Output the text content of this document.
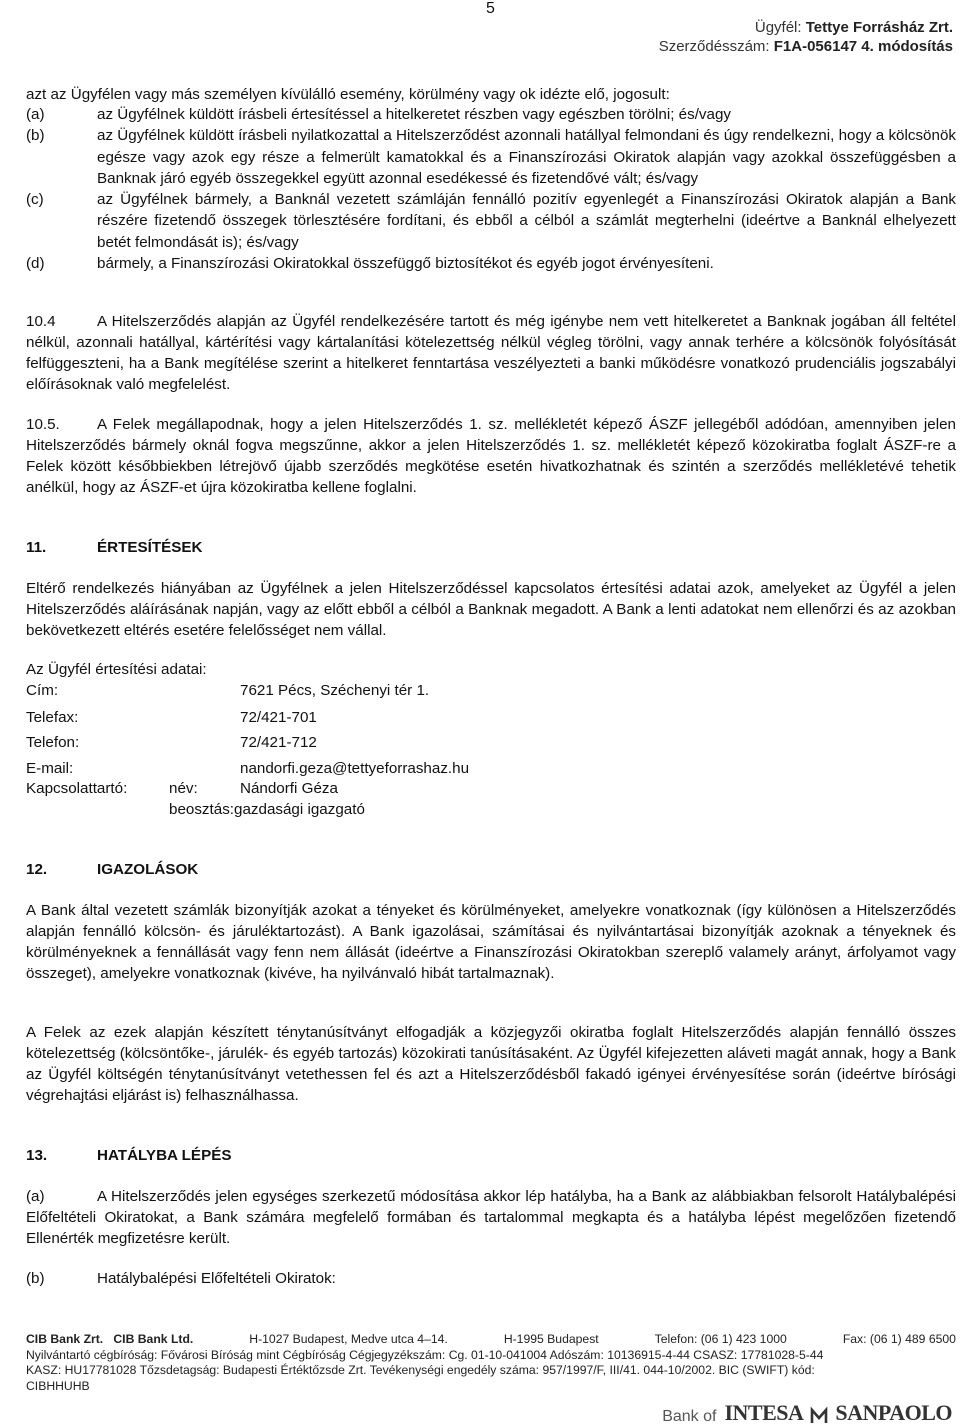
5
Ügyfél: Tettye Forrásház Zrt.
Szerződésszám: F1A-056147 4. módosítás
azt az Ügyfélen vagy más személyen kívülálló esemény, körülmény vagy ok idézte elő, jogosult:
(a)	az Ügyfélnek küldött írásbeli értesítéssel a hitelkeretet részben vagy egészben törölni; és/vagy
(b)	az Ügyfélnek küldött írásbeli nyilatkozattal a Hitelszerződést azonnali hatállyal felmondani és úgy rendelkezni, hogy a kölcsönök egésze vagy azok egy része a felmerült kamatokkal és a Finanszírozási Okiratok alapján vagy azokkal összefüggésben a Banknak járó egyéb összegekkel együtt azonnal esedékessé és fizetendővé vált; és/vagy
(c)	az Ügyfélnek bármely, a Banknál vezetett számláján fennálló pozitív egyenlegét a Finanszírozási Okiratok alapján a Bank részére fizetendő összegek törlesztésére fordítani, és ebből a célból a számlát megterhelni (ideértve a Banknál elhelyezett betét felmondását is); és/vagy
(d)	bármely, a Finanszírozási Okiratokkal összefüggő biztosítékot és egyéb jogot érvényesíteni.

10.4	A Hitelszerződés alapján az Ügyfél rendelkezésére tartott és még igénybe nem vett hitelkeretet a Banknak jogában áll feltétel nélkül, azonnali hatállyal, kártérítési vagy kártalanítási kötelezettség nélkül végleg törölni, vagy annak terhére a kölcsönök folyósítását felfüggeszteni, ha a Bank megítélése szerint a hitelkeret fenntartása veszélyezteti a banki működésre vonatkozó prudenciális jogszabályi előírásoknak való megfelelést.

10.5. A Felek megállapodnak, hogy a jelen Hitelszerződés 1. sz. mellékletét képező ÁSZF jellegéből adódóan, amennyiben jelen Hitelszerződés bármely oknál fogva megszűnne, akkor a jelen Hitelszerződés 1. sz. mellékletét képező közokiratba foglalt ÁSZF-re a Felek között későbbiekben létrejövő újabb szerződés megkötése esetén hivatkozhatnak és szintén a szerződés mellékletévé tehetik anélkül, hogy az ÁSZF-et újra közokiratba kellene foglalni.

11.	ÉRTESÍTÉSEK

Eltérő rendelkezés hiányában az Ügyfélnek a jelen Hitelszerződéssel kapcsolatos értesítési adatai azok, amelyeket az Ügyfél a jelen Hitelszerződés aláírásának napján, vagy az előtt ebből a célból a Banknak megadott. A Bank a lenti adatokat nem ellenőrzi és az azokban bekövetkezett eltérés esetére felelősséget nem vállal.

Az Ügyfél értesítési adatai:
Cím:	7621 Pécs, Széchenyi tér 1.
Telefax:	72/421-701
Telefon:	72/421-712
E-mail:	nandorfi.geza@tettyeforrashaz.hu
Kapcsolattartó:	név:	Nándorfi Géza
beosztás:gazdasági igazgató
12.	IGAZOLÁSOK

A Bank által vezetett számlák bizonyítják azokat a tényeket és körülményeket, amelyekre vonatkoznak (így különösen a Hitelszerződés alapján fennálló kölcsön- és járuléktartozást). A Bank igazolásai, számításai és nyilvántartásai bizonyítják azoknak a tényeknek és körülményeknek a fennállását vagy fenn nem állását (ideértve a Finanszírozási Okiratokban szereplő valamely arányt, árfolyamot vagy összeget), amelyekre vonatkoznak (kivéve, ha nyilvánvaló hibát tartalmaznak).

A Felek az ezek alapján készített ténytanúsítványt elfogadják a közjegyzői okiratba foglalt Hitelszerződés alapján fennálló összes kötelezettség (kölcsöntőke-, járulék- és egyéb tartozás) közokirati tanúsításaként. Az Ügyfél kifejezetten aláveti magát annak, hogy a Bank az Ügyfél költségén ténytanúsítványt vetethessen fel és azt a Hitelszerződésből fakadó igényei érvényesítése során (ideértve bírósági végrehajtási eljárást is) felhasználhassa.

13.	HATÁLYBA LÉPÉS

(a)	A Hitelszerződés jelen egységes szerkezetű módosítása akkor lép hatályba, ha a Bank az alábbiakban felsorolt Hatálybalépési Előfeltételi Okiratokat, a Bank számára megfelelő formában és tartalommal megkapta és a hatályba lépést megelőzően fizetendő Ellenérték megfizetésre került.

(b)	Hatálybalépési Előfeltételi Okiratok:

CIB Bank Zrt. CIB Bank Ltd.	H-1027 Budapest, Medve utca 4–14.	H-1995 Budapest	Telefon: (06 1) 423 1000	Fax: (06 1) 489 6500
Nyilvántartó cégbíróság: Fővárosi Bíróság mint Cégbíróság Cégjegyzékszám: Cg. 01-10-041004 Adószám: 10136915-4-44 CSASZ: 17781028-5-44
KASZ: HU17781028 Tőzsdetagság: Budapesti Értéktőzsde Zrt. Tevékenységi engedély száma: 957/1997/F, III/41. 044-10/2002. BIC (SWIFT) kód:
CIBHHUHB
Bank of INTESA SANPAOLO
